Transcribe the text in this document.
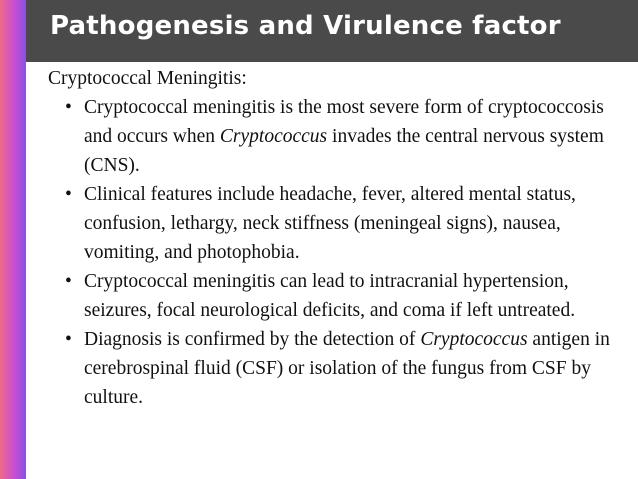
Pathogenesis and Virulence factor

Cryptococcal Meningitis:

• Cryptococcal meningitis is the most severe form of cryptococcosis and occurs when Cryptococcus invades the central nervous system (CNS).
• Clinical features include headache, fever, altered mental status, confusion, lethargy, neck stiffness (meningeal signs), nausea, vomiting, and photophobia.
• Cryptococcal meningitis can lead to intracranial hypertension, seizures, focal neurological deficits, and coma if left untreated.
• Diagnosis is confirmed by the detection of Cryptococcus antigen in cerebrospinal fluid (CSF) or isolation of the fungus from CSF by culture.
